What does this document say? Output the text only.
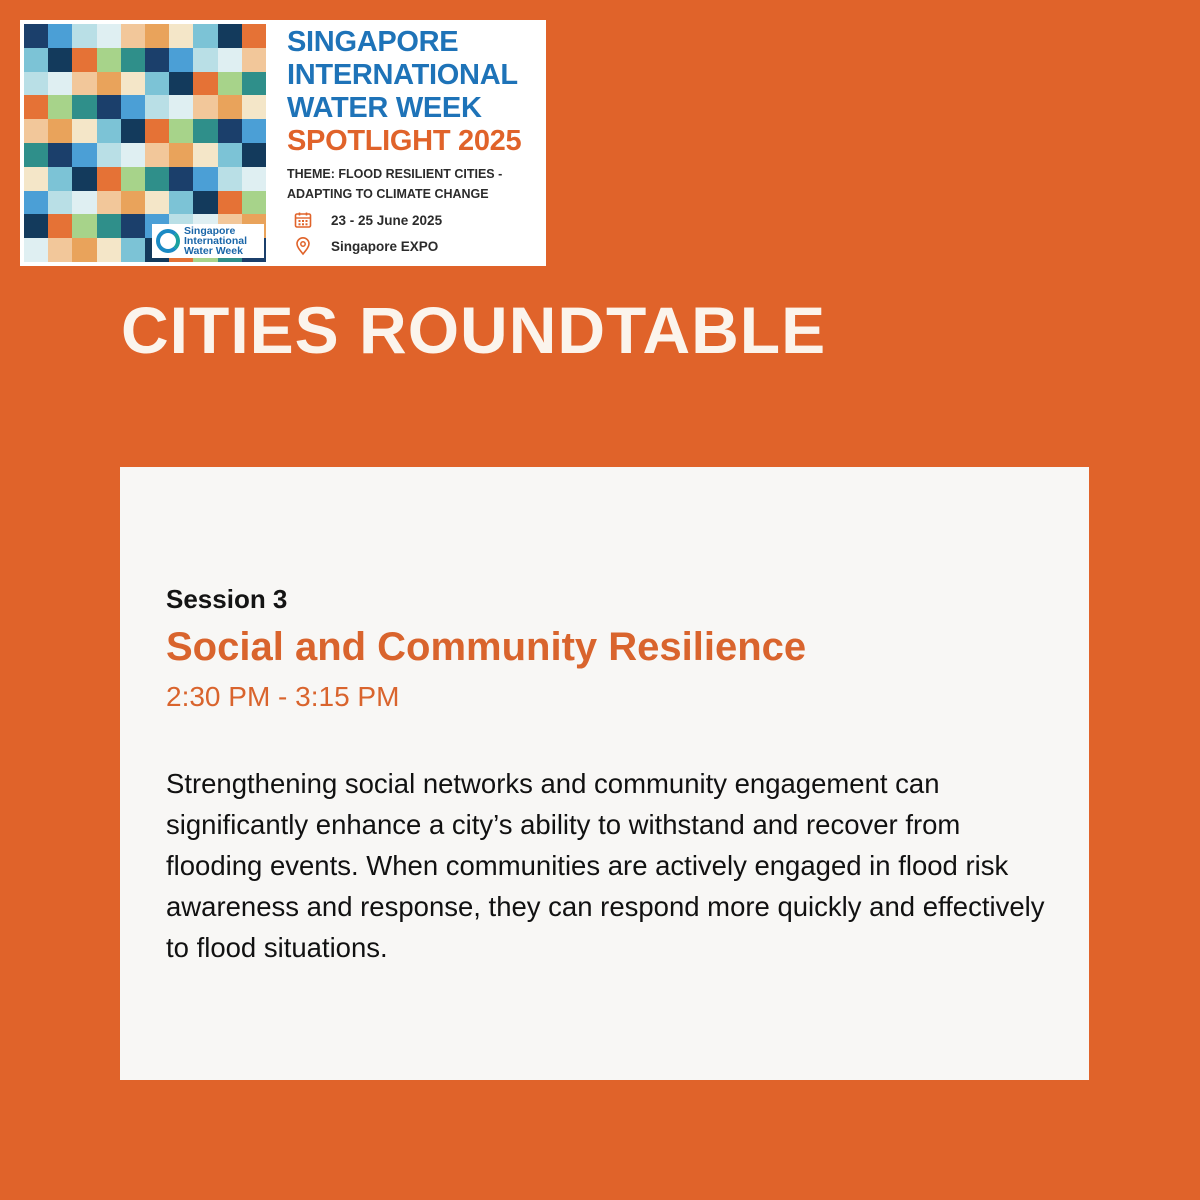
Singapore
International
Water Week
SINGAPORE
INTERNATIONAL
WATER WEEK
SPOTLIGHT 2025
THEME: FLOOD RESILIENT CITIES -
ADAPTING TO CLIMATE CHANGE
23 - 25 June 2025
Singapore EXPO
CITIES ROUNDTABLE
Session 3
Social and Community Resilience
2:30 PM - 3:15 PM

Strengthening social networks and community engagement can significantly enhance a city’s ability to withstand and recover from flooding events. When communities are actively engaged in flood risk awareness and response, they can respond more quickly and effectively to flood situations.
